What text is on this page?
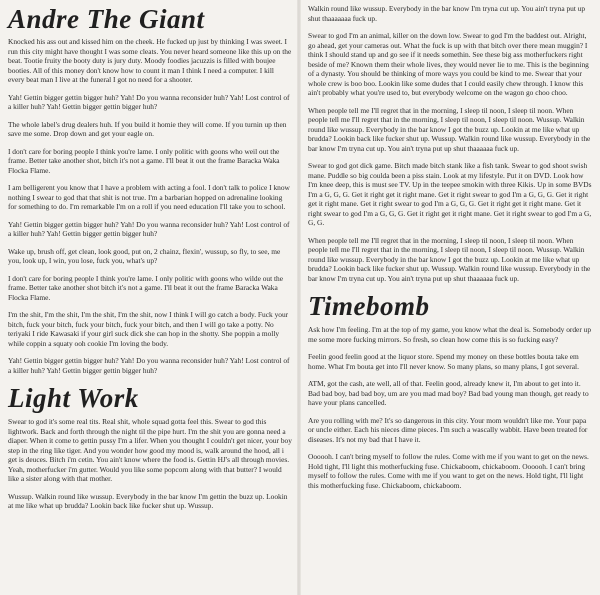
Andre The Giant

Knocked his ass out and kissed him on the cheek. He fucked up just by thinking I was sweet. I run this city might have thought I was some cleats. You never heard someone like this up on the beat. Tootie fruity the booty duty is jury duty. Moody foodies jacuzzis is filled with boujee booties. All of this money don't know how to count it man I think I need a computer. I kill every beat man I live at the funeral I got no need for a shooter.

Yah! Gettin bigger gettin bigger huh? Yah! Do you wanna reconsider huh? Yah! Lost control of a killer huh? Yah! Gettin bigger gettin bigger huh?

The whole label's drug dealers huh. If you build it homie they will come. If you turnin up then save me some. Drop down and get your eagle on.

I don't care for boring people I think you're lame. I only politic with goons who weil out the frame. Better take another shot, bitch it's not a game. I'll beat it out the frame Baracka Waka Flocka Flame.

I am belligerent you know that I have a problem with acting a fool. I don't talk to police I know nothing I swear to god that that shit is not true. I'm a barbarian hopped on adrenaline looking for something to do. I'm remarkable I'm on a roll if you need education I'll take you to school.

Yah! Gettin bigger gettin bigger huh? Yah! Do you wanna reconsider huh? Yah! Lost control of a killer huh? Yah! Gettin bigger gettin bigger huh?

Wake up, brush off, get clean, look good, put on, 2 chainz, flexin', wussup, so fly, to see, me you, look up, I win, you lose, fuck you, what's up?

I don't care for boring people I think you're lame. I only politic with goons who wilde out the frame. Better take another shot bitch it's not a game. I'll beat it out the frame Baracka Waka Flocka Flame.

I'm the shit, I'm the shit, I'm the shit, I'm the shit, now I think I will go catch a body. Fuck your bitch, fuck your bitch, fuck your bitch, fuck your bitch, and then I will go take a potty. No teriyaki I ride Kawasaki if your girl suck dick she can hop in the shotty. She poppin a molly while coppin a squaty ooh cookie I'm loving the body.

Yah! Gettin bigger gettin bigger huh? Yah! Do you wanna reconsider huh? Yah! Lost control of a killer huh? Yah! Gettin bigger gettin bigger huh?

Light Work

Swear to god it's some real tits. Real shit, whole squad gotta feel this. Swear to god this lightwork. Back and forth through the night til the pipe hurt. I'm the shit you are gonna need a diaper. When it come to gettin pussy I'm a lifer. When you thought I couldn't get nicer, your boy step in the ring like tiger. And you wonder how good my mood is, walk around the hood, all i get is deuces. Bitch i'm cetin. You ain't know where the food is. Gettin HJ's all through movies. Yeah, motherfucker i'm gutter. Would you like some popcorn along with that butter? I would like a sister along with that mother.

Wussup. Walkin round like wussup. Everybody in the bar know I'm gettin the buzz up. Lookin at me like what up brudda? Lookin back like fucker shut up. Wussup.

Walkin round like wussup. Everybody in the bar know I'm tryna cut up. You ain't tryna put up shut thaaaaaaa fuck up.

Swear to god I'm an animal, killer on the down low. Swear to god I'm the baddest out. Alright, go ahead, get your cameras out. What the fuck is up with that bitch over there mean muggin? I think I should stand up and go see if it needs somethin. See these big ass motherfuckers right beside of me? Known them their whole lives, they would never lie to me. This is the beginning of a dynasty. You should be thinking of more ways you could be kind to me. Swear that your whole crew is boo boo. Lookin like some dudes that I could easily chew through. I know this ain't probably what you're used to, but everybody welcome on the wagon go choo choo.

When people tell me I'll regret that in the morning, I sleep til noon, I sleep til noon. When people tell me I'll regret that in the morning, I sleep til noon, I sleep til noon. Wussup. Walkin round like wussup. Everybody in the bar know I got the buzz up. Lookin at me like what up brudda? Lookin back like fucker shut up. Wussup. Walkin round like wussup. Everybody in the bar know I'm tryna cut up. You ain't tryna put up shut thaaaaaa fuck up.

Swear to god got dick game. Bitch made bitch stank like a fish tank. Swear to god shoot swish mane. Puddle so big coulda been a piss stain. Look at my lifestyle. Put it on DVD. Look how I'm knee deep, this is must see TV. Up in the teepee smokin with three Kikis. Up in some BVDs I'm a G, G, G. Get it right get it right mane. Get it right swear to god I'm a G, G, G. Get it right get it right mane. Get it right swear to god I'm a G, G, G. Get it right get it right mane. Get it right swear to god I'm a G, G, G. Get it right get it right mane. Get it right swear to god I'm a G, G, G.

When people tell me I'll regret that in the morning, I sleep til noon, I sleep til noon. When people tell me I'll regret that in the morning, I sleep til noon, I sleep til noon. Wussup. Walkin round like wussup. Everybody in the bar know I got the buzz up. Lookin at me like what up brudda? Lookin back like fucker shut up. Wussup. Walkin round like wussup. Everybody in the bar know I'm tryna cut up. You ain't tryna put up shut thaaaaaa fuck up.

Timebomb

Ask how I'm feeling. I'm at the top of my game, you know what the deal is. Somebody order up me some more fucking mirrors. So fresh, so clean how come this is so fucking easy?

Feelin good feelin good at the liquor store. Spend my money on these bottles bouta take em home. What I'm bouta get into I'll never know. So many plans, so many plans, I got several.

ATM, got the cash, ate well, all of that. Feelin good, already knew it, I'm about to get into it. Bad bad boy, bad bad boy, um are you mad mad boy? Bad bad young man though, get ready to have your plans cancelled.

Are you rolling with me? It's so dangerous in this city. Your mom wouldn't like me. Your papa or uncle either. Each his nieces dime pieces. I'm such a wascally wabbit. Have been treated for diseases. It's not my bad that I have it.

Oooooh. I can't bring myself to follow the rules. Come with me if you want to get on the news. Hold tight, I'll light this motherfucking fuse. Chickaboom, chickaboom. Oooooh. I can't bring myself to follow the rules. Come with me if you want to get on the news. Hold tight, I'll light this motherfucking fuse. Chickaboom, chickaboom.
